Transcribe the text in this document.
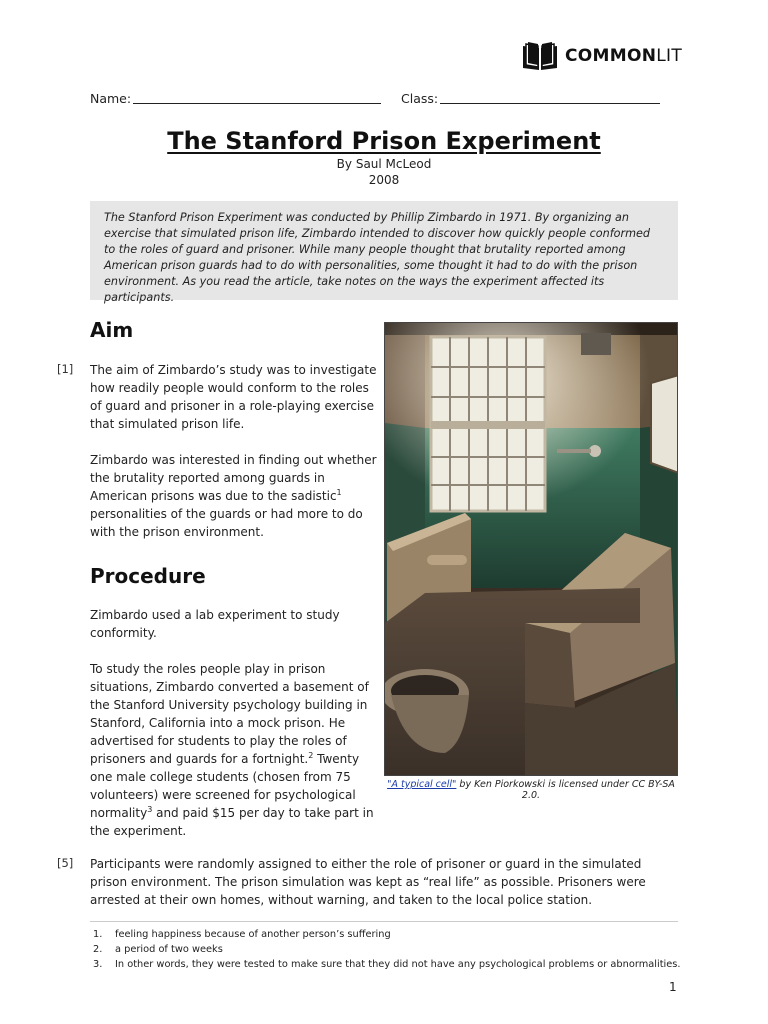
COMMONLIT
Name:	Class:
The Stanford Prison Experiment
By Saul McLeod
2008

The Stanford Prison Experiment was conducted by Phillip Zimbardo in 1971. By organizing an exercise that simulated prison life, Zimbardo intended to discover how quickly people conformed to the roles of guard and prisoner. While many people thought that brutality reported among American prison guards had to do with personalities, some thought it had to do with the prison environment. As you read the article, take notes on the ways the experiment affected its participants.

Aim
[1] The aim of Zimbardo’s study was to investigate how readily people would conform to the roles of guard and prisoner in a role-playing exercise that simulated prison life.

Zimbardo was interested in finding out whether the brutality reported among guards in American prisons was due to the sadistic$^1$ personalities of the guards or had more to do with the prison environment.

Procedure

Zimbardo used a lab experiment to study conformity.

To study the roles people play in prison situations, Zimbardo converted a basement of the Stanford University psychology building in Stanford, California into a mock prison. He advertised for students to play the roles of prisoners and guards for a fortnight.$^2$ Twenty one male college students (chosen from 75 volunteers) were screened for psychological normality$^3$ and paid $15 per day to take part in the experiment.

"A typical cell" by Ken Piorkowski is licensed under CC BY-SA 2.0.
[5] Participants were randomly assigned to either the role of prisoner or guard in the simulated prison environment. The prison simulation was kept as “real life” as possible. Prisoners were arrested at their own homes, without warning, and taken to the local police station.

1. feeling happiness because of another person’s suffering
2. a period of two weeks
3. In other words, they were tested to make sure that they did not have any psychological problems or abnormalities.
1
